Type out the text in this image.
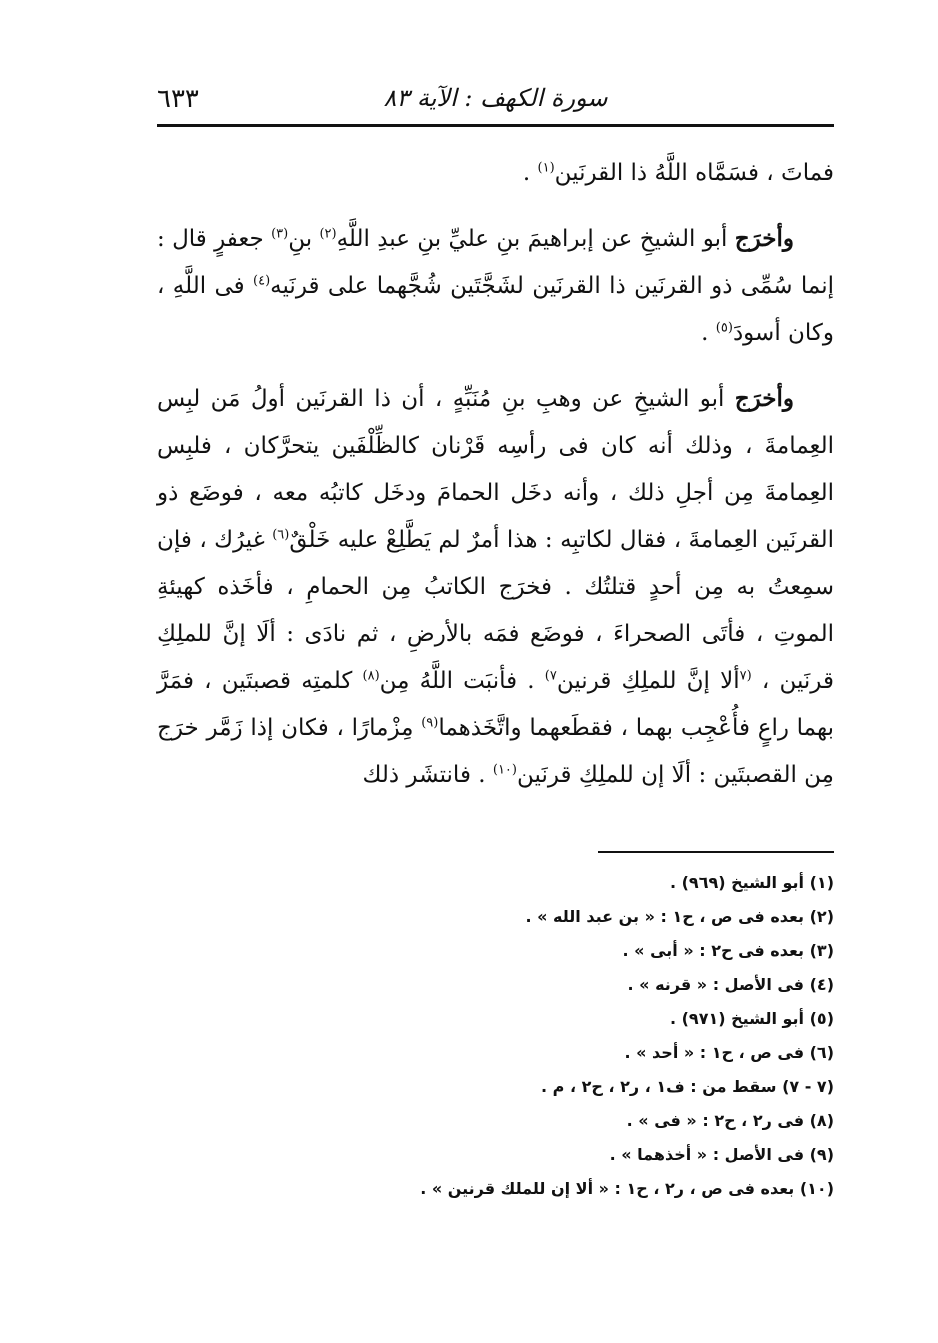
٦٣٣	سورة الكهف : الآية ٨٣

فماتَ ، فسَمَّاه اللَّهُ ذا القرنَين$^{(١)}$ .

وأخرَج أبو الشيخِ عن إبراهيمَ بنِ عليِّ بنِ عبدِ اللَّهِ$^{(٢)}$ بنِ$^{(٣)}$ جعفرٍ قال : إنما سُمِّى ذو القرنَين ذا القرنَين لشَجَّتَين شُجَّهما على قرنَيه$^{(٤)}$ فى اللَّهِ ، وكان أسودَ$^{(٥)}$ .

وأخرَج أبو الشيخِ عن وهبِ بنِ مُنَبِّهٍ ، أن ذا القرنَين أولُ مَن لبِس العِمامةَ ، وذلك أنه كان فى رأسِه قَرْنان كالظِّلْفَين يتحرَّكان ، فلبِس العِمامةَ مِن أجلِ ذلك ، وأنه دخَل الحمامَ ودخَل كاتبُه معه ، فوضَع ذو القرنَين العِمامةَ ، فقال لكاتبِه : هذا أمرٌ لم يَطَّلِعْ عليه خَلْقٌ$^{(٦)}$ غيرُك ، فإن سمِعتُ به مِن أحدٍ قتلتُك . فخرَج الكاتبُ مِن الحمامِ ، فأخَذه كهيئةِ الموتِ ، فأتَى الصحراءَ ، فوضَع فمَه بالأرضِ ، ثم نادَى : ألَا إنَّ للملِكِ قرنَين ، $^{(٧}$ألا إنَّ للملِكِ قرنين$^{٧)}$ . فأنبَت اللَّهُ مِن$^{(٨)}$ كلمتِه قصبتَين ، فمَرَّ بهما راعٍ فأُعْجِب بهما ، فقطَعهما واتَّخَذهما$^{(٩)}$ مِزْمارًا ، فكان إذا زَمَّر خرَج مِن القصبتَين : ألَا إن للملِكِ قرنَين$^{(١٠)}$ . فانتشَر ذلك

(١) أبو الشيخ (٩٦٩) .

(٢) بعده فى ص ، ح١ : « بن عبد الله » .

(٣) بعده فى ح٢ : « أبى » .

(٤) فى الأصل : « قرنه » .

(٥) أبو الشيخ (٩٧١) .

(٦) فى ص ، ح١ : « أحد » .

(٧ - ٧) سقط من : ف١ ، ر٢ ، ح٢ ، م .

(٨) فى ر٢ ، ح٢ : « فى » .

(٩) فى الأصل : « أخذهما » .

(١٠) بعده فى ص ، ر٢ ، ح١ : « ألا إن للملك قرنين » .
